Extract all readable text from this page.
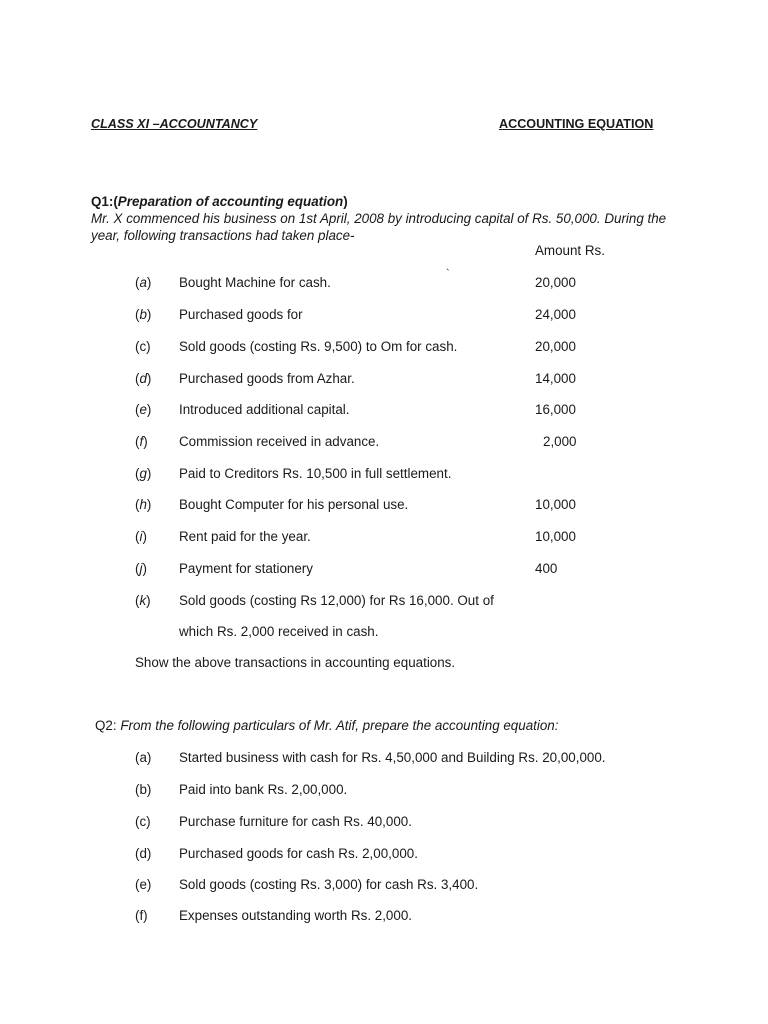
CLASS XI –ACCOUNTANCY	ACCOUNTING EQUATION
Q1:(Preparation of accounting equation)
Mr. X commenced his business on 1st April, 2008 by introducing capital of Rs. 50,000. During the
year, following transactions had taken place-
Amount Rs.
`
(a) Bought Machine for cash.	20,000
(b) Purchased goods for	24,000
(c) Sold goods (costing Rs. 9,500) to Om for cash.	20,000
(d) Purchased goods from Azhar.	14,000
(e) Introduced additional capital.	16,000
(f) Commission received in advance.	2,000
(g) Paid to Creditors Rs. 10,500 in full settlement.
(h) Bought Computer for his personal use.	10,000
(i) Rent paid for the year.	10,000
(j) Payment for stationery	400
(k) Sold goods (costing Rs 12,000) for Rs 16,000. Out of
which Rs. 2,000 received in cash.
Show the above transactions in accounting equations.
Q2: From the following particulars of Mr. Atif, prepare the accounting equation:
(a) Started business with cash for Rs. 4,50,000 and Building Rs. 20,00,000.
(b) Paid into bank Rs. 2,00,000.
(c) Purchase furniture for cash Rs. 40,000.
(d) Purchased goods for cash Rs. 2,00,000.
(e) Sold goods (costing Rs. 3,000) for cash Rs. 3,400.
(f) Expenses outstanding worth Rs. 2,000.
